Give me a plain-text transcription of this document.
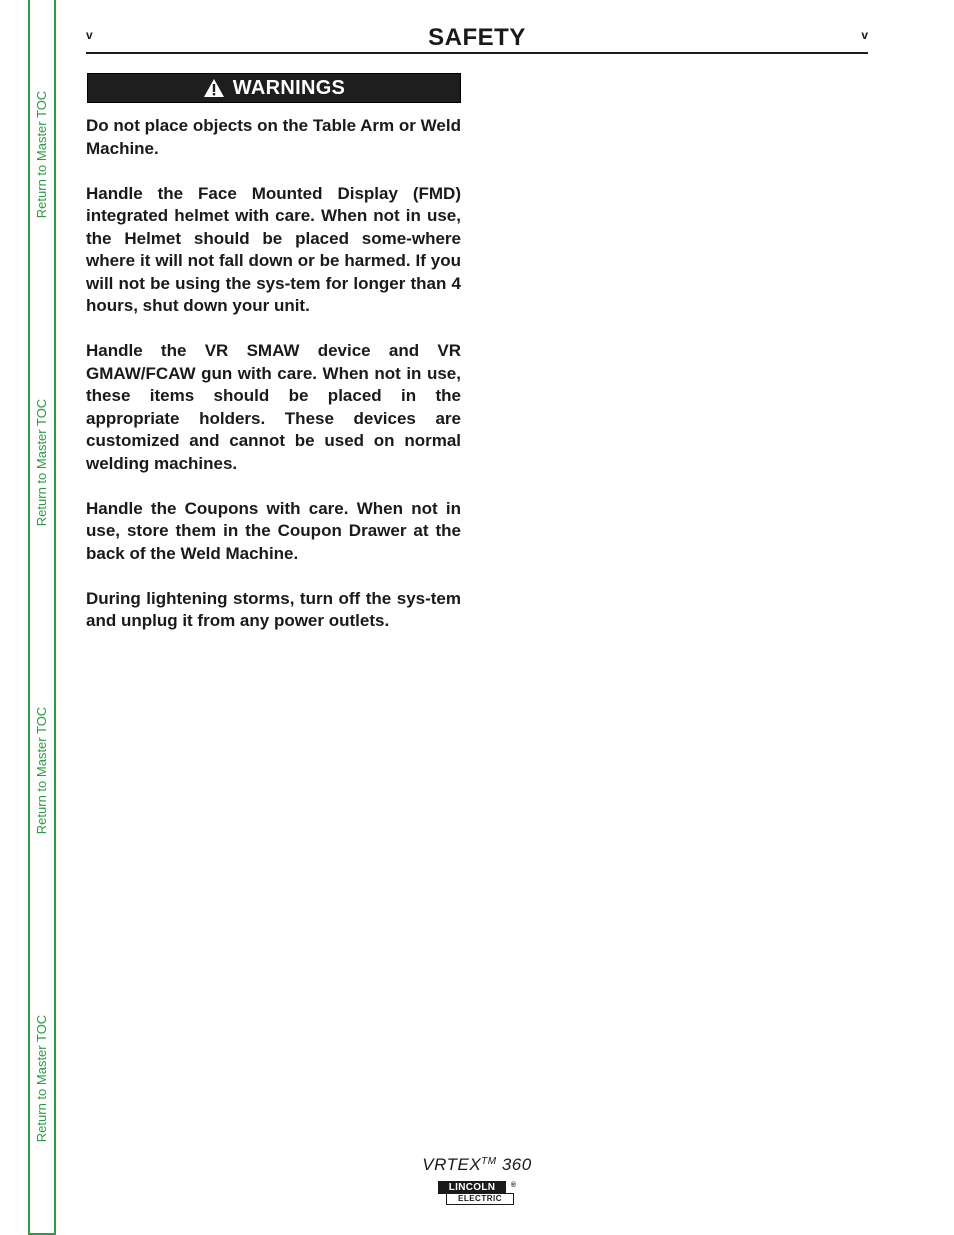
Return to Master TOC
Return to Master TOC
Return to Master TOC
Return to Master TOC
v	SAFETY	v
WARNINGS

Do not place objects on the Table Arm or Weld Machine.

Handle the Face Mounted Display (FMD) integrated helmet with care. When not in use, the Helmet should be placed some-where where it will not fall down or be harmed. If you will not be using the sys-tem for longer than 4 hours, shut down your unit.

Handle the VR SMAW device and VR GMAW/FCAW gun with care. When not in use, these items should be placed in the appropriate holders. These devices are customized and cannot be used on normal welding machines.

Handle the Coupons with care. When not in use, store them in the Coupon Drawer at the back of the Weld Machine.

During lightening storms, turn off the sys-tem and unplug it from any power outlets.

VRTEX™ 360
LINCOLN
ELECTRIC
®
